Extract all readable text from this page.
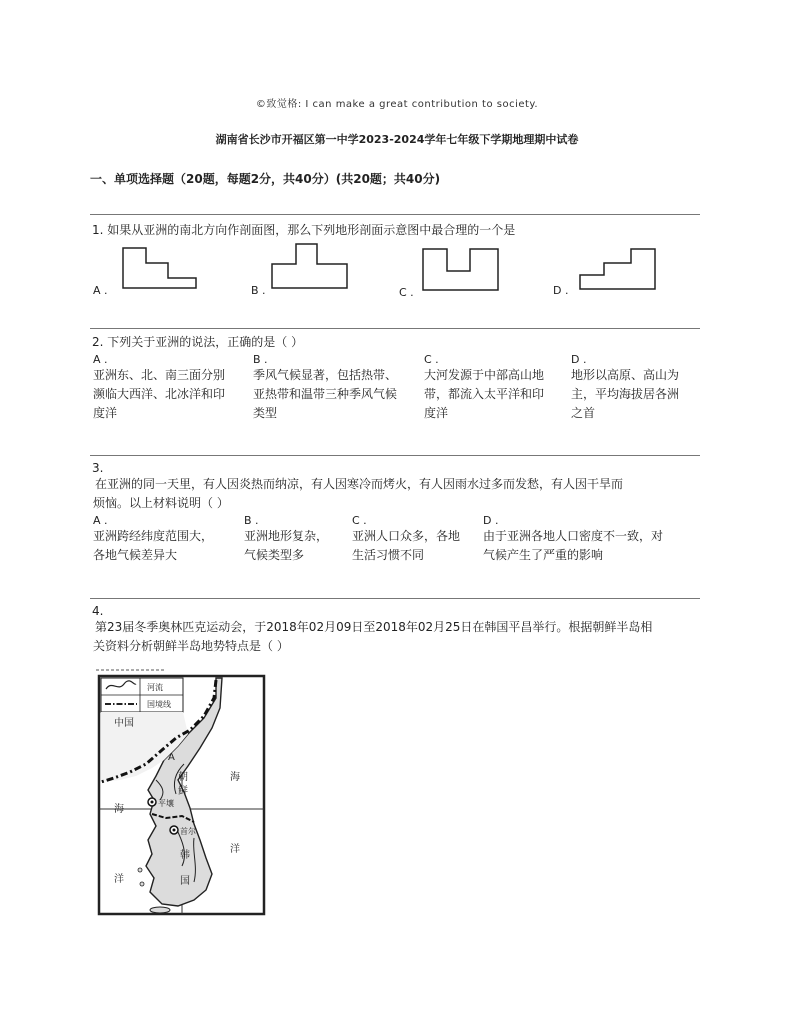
©致觉格: I can make a great contribution to society.
湖南省长沙市开福区第一中学2023-2024学年七年级下学期地理期中试卷
一、单项选择题（20题，每题2分，共40分）(共20题；共40分)
1. 如果从亚洲的南北方向作剖面图，那么下列地形剖面示意图中最合理的一个是
A .	B .	C .	D .
2. 下列关于亚洲的说法，正确的是（ ）
A .
亚洲东、北、南三面分别
濒临大西洋、北冰洋和印
度洋
B .
季风气候显著，包括热带、
亚热带和温带三种季风气候
类型
C .
大河发源于中部高山地
带，都流入太平洋和印
度洋
D .
地形以高原、高山为
主，平均海拔居各洲
之首
3.
在亚洲的同一天里，有人因炎热而纳凉，有人因寒冷而烤火，有人因雨水过多而发愁，有人因干旱而
烦恼。以上材料说明（ ）
A .
亚洲跨经纬度范围大，
各地气候差异大
B .
亚洲地形复杂，
气候类型多
C .
亚洲人口众多，各地
生活习惯不同
D .
由于亚洲各地人口密度不一致，对
气候产生了严重的影响
4.
第23届冬季奥林匹克运动会，于2018年02月09日至2018年02月25日在韩国平昌举行。根据朝鲜半岛相
关资料分析朝鲜半岛地势特点是（ ）
河流
国境线
中国
A
朝
鲜
平壤
首尔
韩
国
海
海
洋
洋
